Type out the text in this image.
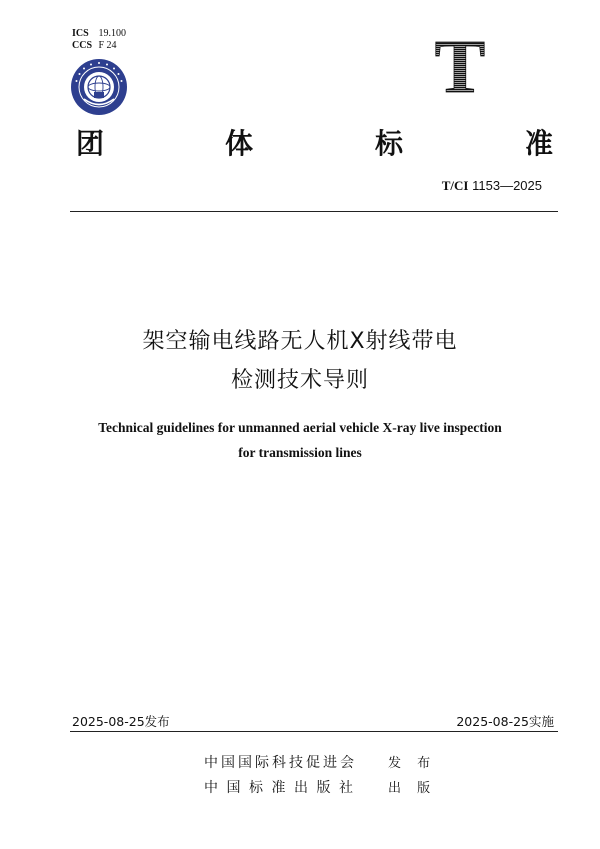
ICS 19.100
CCS F 24	T
团	体	标	准
T/CI 1153—2025
架空输电线路无人机X射线带电
检测技术导则
Technical guidelines for unmanned aerial vehicle X-ray live inspection
for transmission lines
2025-08-25发布	2025-08-25实施
中国国际科技促进会 发 布
中国标准出版社 出 版
